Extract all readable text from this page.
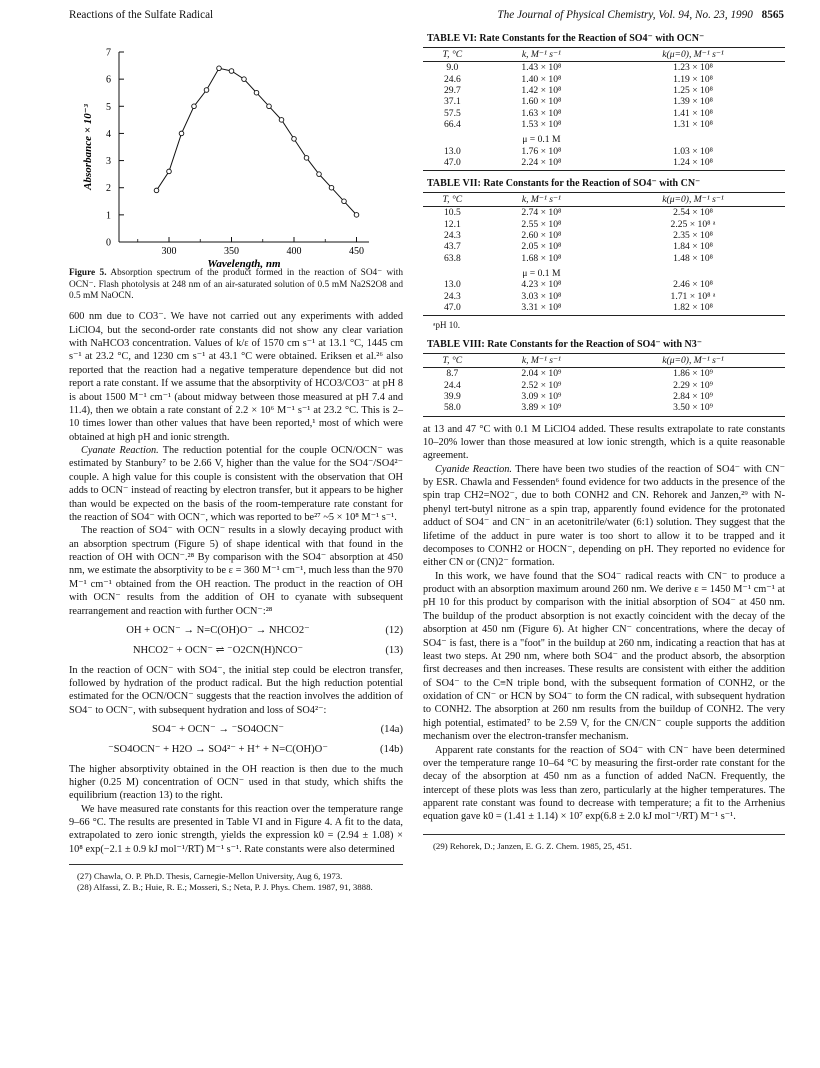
Reactions of the Sulfate Radical	The Journal of Physical Chemistry, Vol. 94, No. 23, 1990 8565
0
1
2
3
4
5
6
7
300	350	400	450
Wavelength, nm
Absorbance × 10⁻³
Figure 5. Absorption spectrum of the product formed in the reaction of SO4⁻ with OCN⁻. Flash photolysis at 248 nm of an air-saturated solution of 0.5 mM Na2S2O8 and 0.5 mM NaOCN.

600 nm due to CO3⁻. We have not carried out any experiments with added LiClO4, but the second-order rate constants did not show any clear variation with NaHCO3 concentration. Values of k/ε of 1570 cm s⁻¹ at 13.1 °C, 1445 cm s⁻¹ at 23.2 °C, and 1230 cm s⁻¹ at 43.1 °C were obtained. Eriksen et al.²⁶ also reported that the reaction had a negative temperature dependence but did not report a rate constant. If we assume that the absorptivity of HCO3/CO3⁻ at pH 8 is about 1500 M⁻¹ cm⁻¹ (about midway between those measured at pH 7.4 and 11.4), then we obtain a rate constant of 2.2 × 10⁶ M⁻¹ s⁻¹ at 23.2 °C. This is 2–10 times lower than other values that have been reported,¹ most of which were obtained at high pH and ionic strength.

Cyanate Reaction. The reduction potential for the couple OCN/OCN⁻ was estimated by Stanbury⁷ to be 2.66 V, higher than the value for the SO4⁻/SO4²⁻ couple. A high value for this couple is consistent with the observation that OH adds to OCN⁻ instead of reacting by electron transfer, but it appears to be higher than would be expected on the basis of the room-temperature rate constant for the reaction of SO4⁻ with OCN⁻, which was reported to be²⁷ ~5 × 10⁸ M⁻¹ s⁻¹.

The reaction of SO4⁻ with OCN⁻ results in a slowly decaying product with an absorption spectrum (Figure 5) of shape identical with that found in the reaction of OH with OCN⁻.²⁸ By comparison with the SO4⁻ absorption at 450 nm, we estimate the absorptivity to be ε = 360 M⁻¹ cm⁻¹, much less than the 970 M⁻¹ cm⁻¹ obtained from the OH reaction. The product in the reaction of OH with OCN⁻ results from the addition of OH to cyanate with subsequent rearrangement and reaction with further OCN⁻:²⁸

OH + OCN⁻ → N=C(OH)O⁻ → NHCO2⁻	(12)
NHCO2⁻ + OCN⁻ ⇌ ⁻O2CN(H)NCO⁻	(13)

In the reaction of OCN⁻ with SO4⁻, the initial step could be electron transfer, followed by hydration of the product radical. But the high reduction potential estimated for the OCN/OCN⁻ suggests that the reaction involves the addition of SO4⁻ to OCN⁻, with subsequent hydration and loss of SO4²⁻:

SO4⁻ + OCN⁻ → ⁻SO4OCN⁻	(14a)
⁻SO4OCN⁻ + H2O → SO4²⁻ + H⁺ + N=C(OH)O⁻	(14b)

The higher absorptivity obtained in the OH reaction is then due to the much higher (0.25 M) concentration of OCN⁻ used in that study, which shifts the equilibrium (reaction 13) to the right.

We have measured rate constants for this reaction over the temperature range 9–66 °C. The results are presented in Table VI and in Figure 4. A fit to the data, extrapolated to zero ionic strength, yields the expression k0 = (2.94 ± 1.08) × 10⁸ exp(−2.1 ± 0.9 kJ mol⁻¹/RT) M⁻¹ s⁻¹. Rate constants were also determined

(27) Chawla, O. P. Ph.D. Thesis, Carnegie-Mellon University, Aug 6, 1973.
(28) Alfassi, Z. B.; Huie, R. E.; Mosseri, S.; Neta, P. J. Phys. Chem. 1987, 91, 3888.
TABLE VI: Rate Constants for the Reaction of SO4⁻ with OCN⁻
T, °C	k, M⁻¹ s⁻¹	k(μ=0), M⁻¹ s⁻¹
9.0	1.43 × 10⁸	1.23 × 10⁸
24.6	1.40 × 10⁸	1.19 × 10⁸
29.7	1.42 × 10⁸	1.25 × 10⁸
37.1	1.60 × 10⁸	1.39 × 10⁸
57.5	1.63 × 10⁸	1.41 × 10⁸
66.4	1.53 × 10⁸	1.31 × 10⁸
	μ = 0.1 M	
13.0	1.76 × 10⁸	1.03 × 10⁸
47.0	2.24 × 10⁸	1.24 × 10⁸
TABLE VII: Rate Constants for the Reaction of SO4⁻ with CN⁻
T, °C	k, M⁻¹ s⁻¹	k(μ=0), M⁻¹ s⁻¹
10.5	2.74 × 10⁸	2.54 × 10⁸
12.1	2.55 × 10⁸	2.25 × 10⁸ ᵃ
24.3	2.60 × 10⁸	2.35 × 10⁸
43.7	2.05 × 10⁸	1.84 × 10⁸
63.8	1.68 × 10⁸	1.48 × 10⁸
	μ = 0.1 M	
13.0	4.23 × 10⁸	2.46 × 10⁸
24.3	3.03 × 10⁸	1.71 × 10⁸ ᵃ
47.0	3.31 × 10⁸	1.82 × 10⁸
ᵃpH 10.
TABLE VIII: Rate Constants for the Reaction of SO4⁻ with N3⁻
T, °C	k, M⁻¹ s⁻¹	k(μ=0), M⁻¹ s⁻¹
8.7	2.04 × 10⁹	1.86 × 10⁹
24.4	2.52 × 10⁹	2.29 × 10⁹
39.9	3.09 × 10⁹	2.84 × 10⁹
58.0	3.89 × 10⁹	3.50 × 10⁹

at 13 and 47 °C with 0.1 M LiClO4 added. These results extrapolate to rate constants 10–20% lower than those measured at low ionic strength, which is a quite reasonable agreement.

Cyanide Reaction. There have been two studies of the reaction of SO4⁻ with CN⁻ by ESR. Chawla and Fessenden⁶ found evidence for two adducts in the presence of the spin trap CH2=NO2⁻, due to both CONH2 and CN. Rehorek and Janzen,²⁹ with N-phenyl tert-butyl nitrone as a spin trap, apparently found evidence for the protonated adduct of SO4⁻ and CN⁻ in an acetonitrile/water (6:1) solution. They suggest that the lifetime of the adduct in pure water is too short to allow it to be trapped and it decomposes to CONH2 or HOCN⁻, depending on pH. They reported no evidence for either CN or (CN)2⁻ formation.

In this work, we have found that the SO4⁻ radical reacts with CN⁻ to produce a product with an absorption maximum around 260 nm. We derive ε = 1450 M⁻¹ cm⁻¹ at pH 10 for this product by comparison with the initial absorption of SO4⁻ at 450 nm. The buildup of the product absorption is not exactly coincident with the decay of the absorption at 450 nm (Figure 6). At higher CN⁻ concentrations, where the decay of SO4⁻ is fast, there is a "foot" in the buildup at 260 nm, indicating a reaction that has at least two steps. At 290 nm, where both SO4⁻ and the product absorb, the absorption first decreases and then increases. These results are consistent with either the addition of SO4⁻ to the C≡N triple bond, with the subsequent formation of CONH2, or the oxidation of CN⁻ or HCN by SO4⁻ to form the CN radical, with subsequent hydration to CONH2. The absorption at 260 nm results from the buildup of CONH2. The very high potential, estimated⁷ to be 2.59 V, for the CN/CN⁻ couple supports the addition mechanism over the electron-transfer mechanism.

Apparent rate constants for the reaction of SO4⁻ with CN⁻ have been determined over the temperature range 10–64 °C by measuring the first-order rate constant for the decay of the absorption at 450 nm as a function of added NaCN. Frequently, the intercept of these plots was less than zero, particularly at the higher temperatures. The apparent rate constant was found to decrease with temperature; a fit to the Arrhenius equation gave k0 = (1.41 ± 1.14) × 10⁷ exp(6.8 ± 2.0 kJ mol⁻¹/RT) M⁻¹ s⁻¹.

(29) Rehorek, D.; Janzen, E. G. Z. Chem. 1985, 25, 451.
